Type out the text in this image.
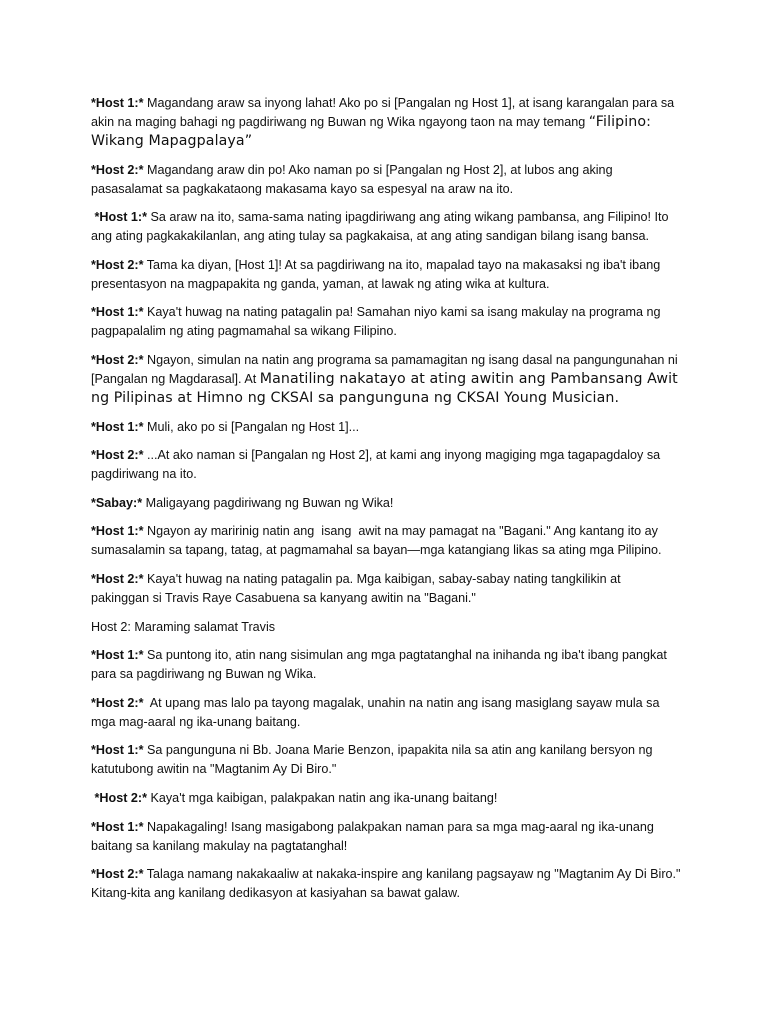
*Host 1:* Magandang araw sa inyong lahat! Ako po si [Pangalan ng Host 1], at isang karangalan para sa akin na maging bahagi ng pagdiriwang ng Buwan ng Wika ngayong taon na may temang “Filipino: Wikang Mapagpalaya”

*Host 2:* Magandang araw din po! Ako naman po si [Pangalan ng Host 2], at lubos ang aking pasasalamat sa pagkakataong makasama kayo sa espesyal na araw na ito.

*Host 1:* Sa araw na ito, sama-sama nating ipagdiriwang ang ating wikang pambansa, ang Filipino! Ito ang ating pagkakakilanlan, ang ating tulay sa pagkakaisa, at ang ating sandigan bilang isang bansa.

*Host 2:* Tama ka diyan, [Host 1]! At sa pagdiriwang na ito, mapalad tayo na makasaksi ng iba't ibang presentasyon na magpapakita ng ganda, yaman, at lawak ng ating wika at kultura.

*Host 1:* Kaya't huwag na nating patagalin pa! Samahan niyo kami sa isang makulay na programa ng pagpapalalim ng ating pagmamahal sa wikang Filipino.

*Host 2:* Ngayon, simulan na natin ang programa sa pamamagitan ng isang dasal na pangungunahan ni [Pangalan ng Magdarasal]. At Manatiling nakatayo at ating awitin ang Pambansang Awit ng Pilipinas at Himno ng CKSAI sa pangunguna ng CKSAI Young Musician.

*Host 1:* Muli, ako po si [Pangalan ng Host 1]...

*Host 2:* ...At ako naman si [Pangalan ng Host 2], at kami ang inyong magiging mga tagapagdaloy sa pagdiriwang na ito.

*Sabay:* Maligayang pagdiriwang ng Buwan ng Wika!

*Host 1:* Ngayon ay maririnig natin ang  isang  awit na may pamagat na "Bagani." Ang kantang ito ay sumasalamin sa tapang, tatag, at pagmamahal sa bayan—mga katangiang likas sa ating mga Pilipino.

*Host 2:* Kaya't huwag na nating patagalin pa. Mga kaibigan, sabay-sabay nating tangkilikin at pakinggan si Travis Raye Casabuena sa kanyang awitin na "Bagani."

Host 2: Maraming salamat Travis

*Host 1:* Sa puntong ito, atin nang sisimulan ang mga pagtatanghal na inihanda ng iba't ibang pangkat para sa pagdiriwang ng Buwan ng Wika.

*Host 2:*  At upang mas lalo pa tayong magalak, unahin na natin ang isang masiglang sayaw mula sa mga mag-aaral ng ika-unang baitang.

*Host 1:* Sa pangunguna ni Bb. Joana Marie Benzon, ipapakita nila sa atin ang kanilang bersyon ng katutubong awitin na "Magtanim Ay Di Biro."

*Host 2:* Kaya't mga kaibigan, palakpakan natin ang ika-unang baitang!

*Host 1:* Napakagaling! Isang masigabong palakpakan naman para sa mga mag-aaral ng ika-unang baitang sa kanilang makulay na pagtatanghal!

*Host 2:* Talaga namang nakakaaliw at nakaka-inspire ang kanilang pagsayaw ng "Magtanim Ay Di Biro." Kitang-kita ang kanilang dedikasyon at kasiyahan sa bawat galaw.
